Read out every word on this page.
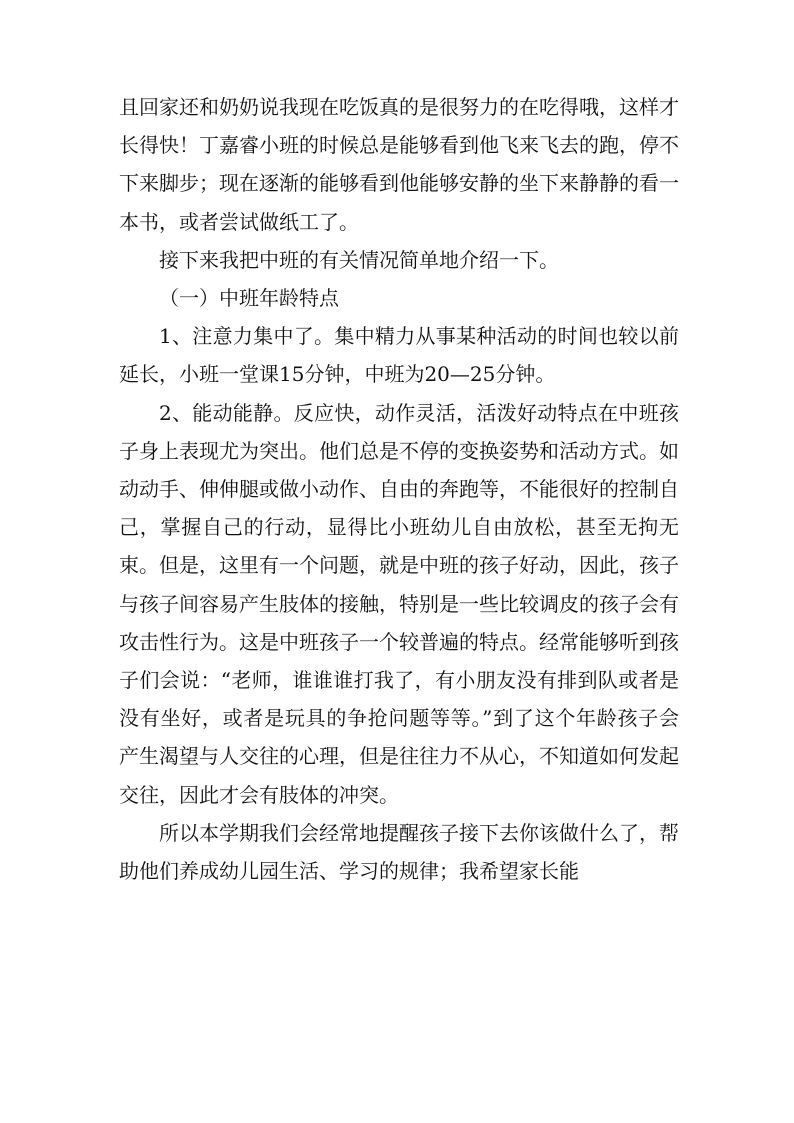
且回家还和奶奶说我现在吃饭真的是很努力的在吃得哦，这样才长得快！丁嘉睿小班的时候总是能够看到他飞来飞去的跑，停不下来脚步；现在逐渐的能够看到他能够安静的坐下来静静的看一本书，或者尝试做纸工了。

接下来我把中班的有关情况简单地介绍一下。

（一）中班年龄特点

1、注意力集中了。集中精力从事某种活动的时间也较以前延长，小班一堂课15分钟，中班为20—25分钟。

2、能动能静。反应快，动作灵活，活泼好动特点在中班孩子身上表现尤为突出。他们总是不停的变换姿势和活动方式。如动动手、伸伸腿或做小动作、自由的奔跑等，不能很好的控制自己，掌握自己的行动，显得比小班幼儿自由放松，甚至无拘无束。但是，这里有一个问题，就是中班的孩子好动，因此，孩子与孩子间容易产生肢体的接触，特别是一些比较调皮的孩子会有攻击性行为。这是中班孩子一个较普遍的特点。经常能够听到孩子们会说：“老师，谁谁谁打我了，有小朋友没有排到队或者是没有坐好，或者是玩具的争抢问题等等。”到了这个年龄孩子会产生渴望与人交往的心理，但是往往力不从心，不知道如何发起交往，因此才会有肢体的冲突。

所以本学期我们会经常地提醒孩子接下去你该做什么了，帮助他们养成幼儿园生活、学习的规律；我希望家长能
